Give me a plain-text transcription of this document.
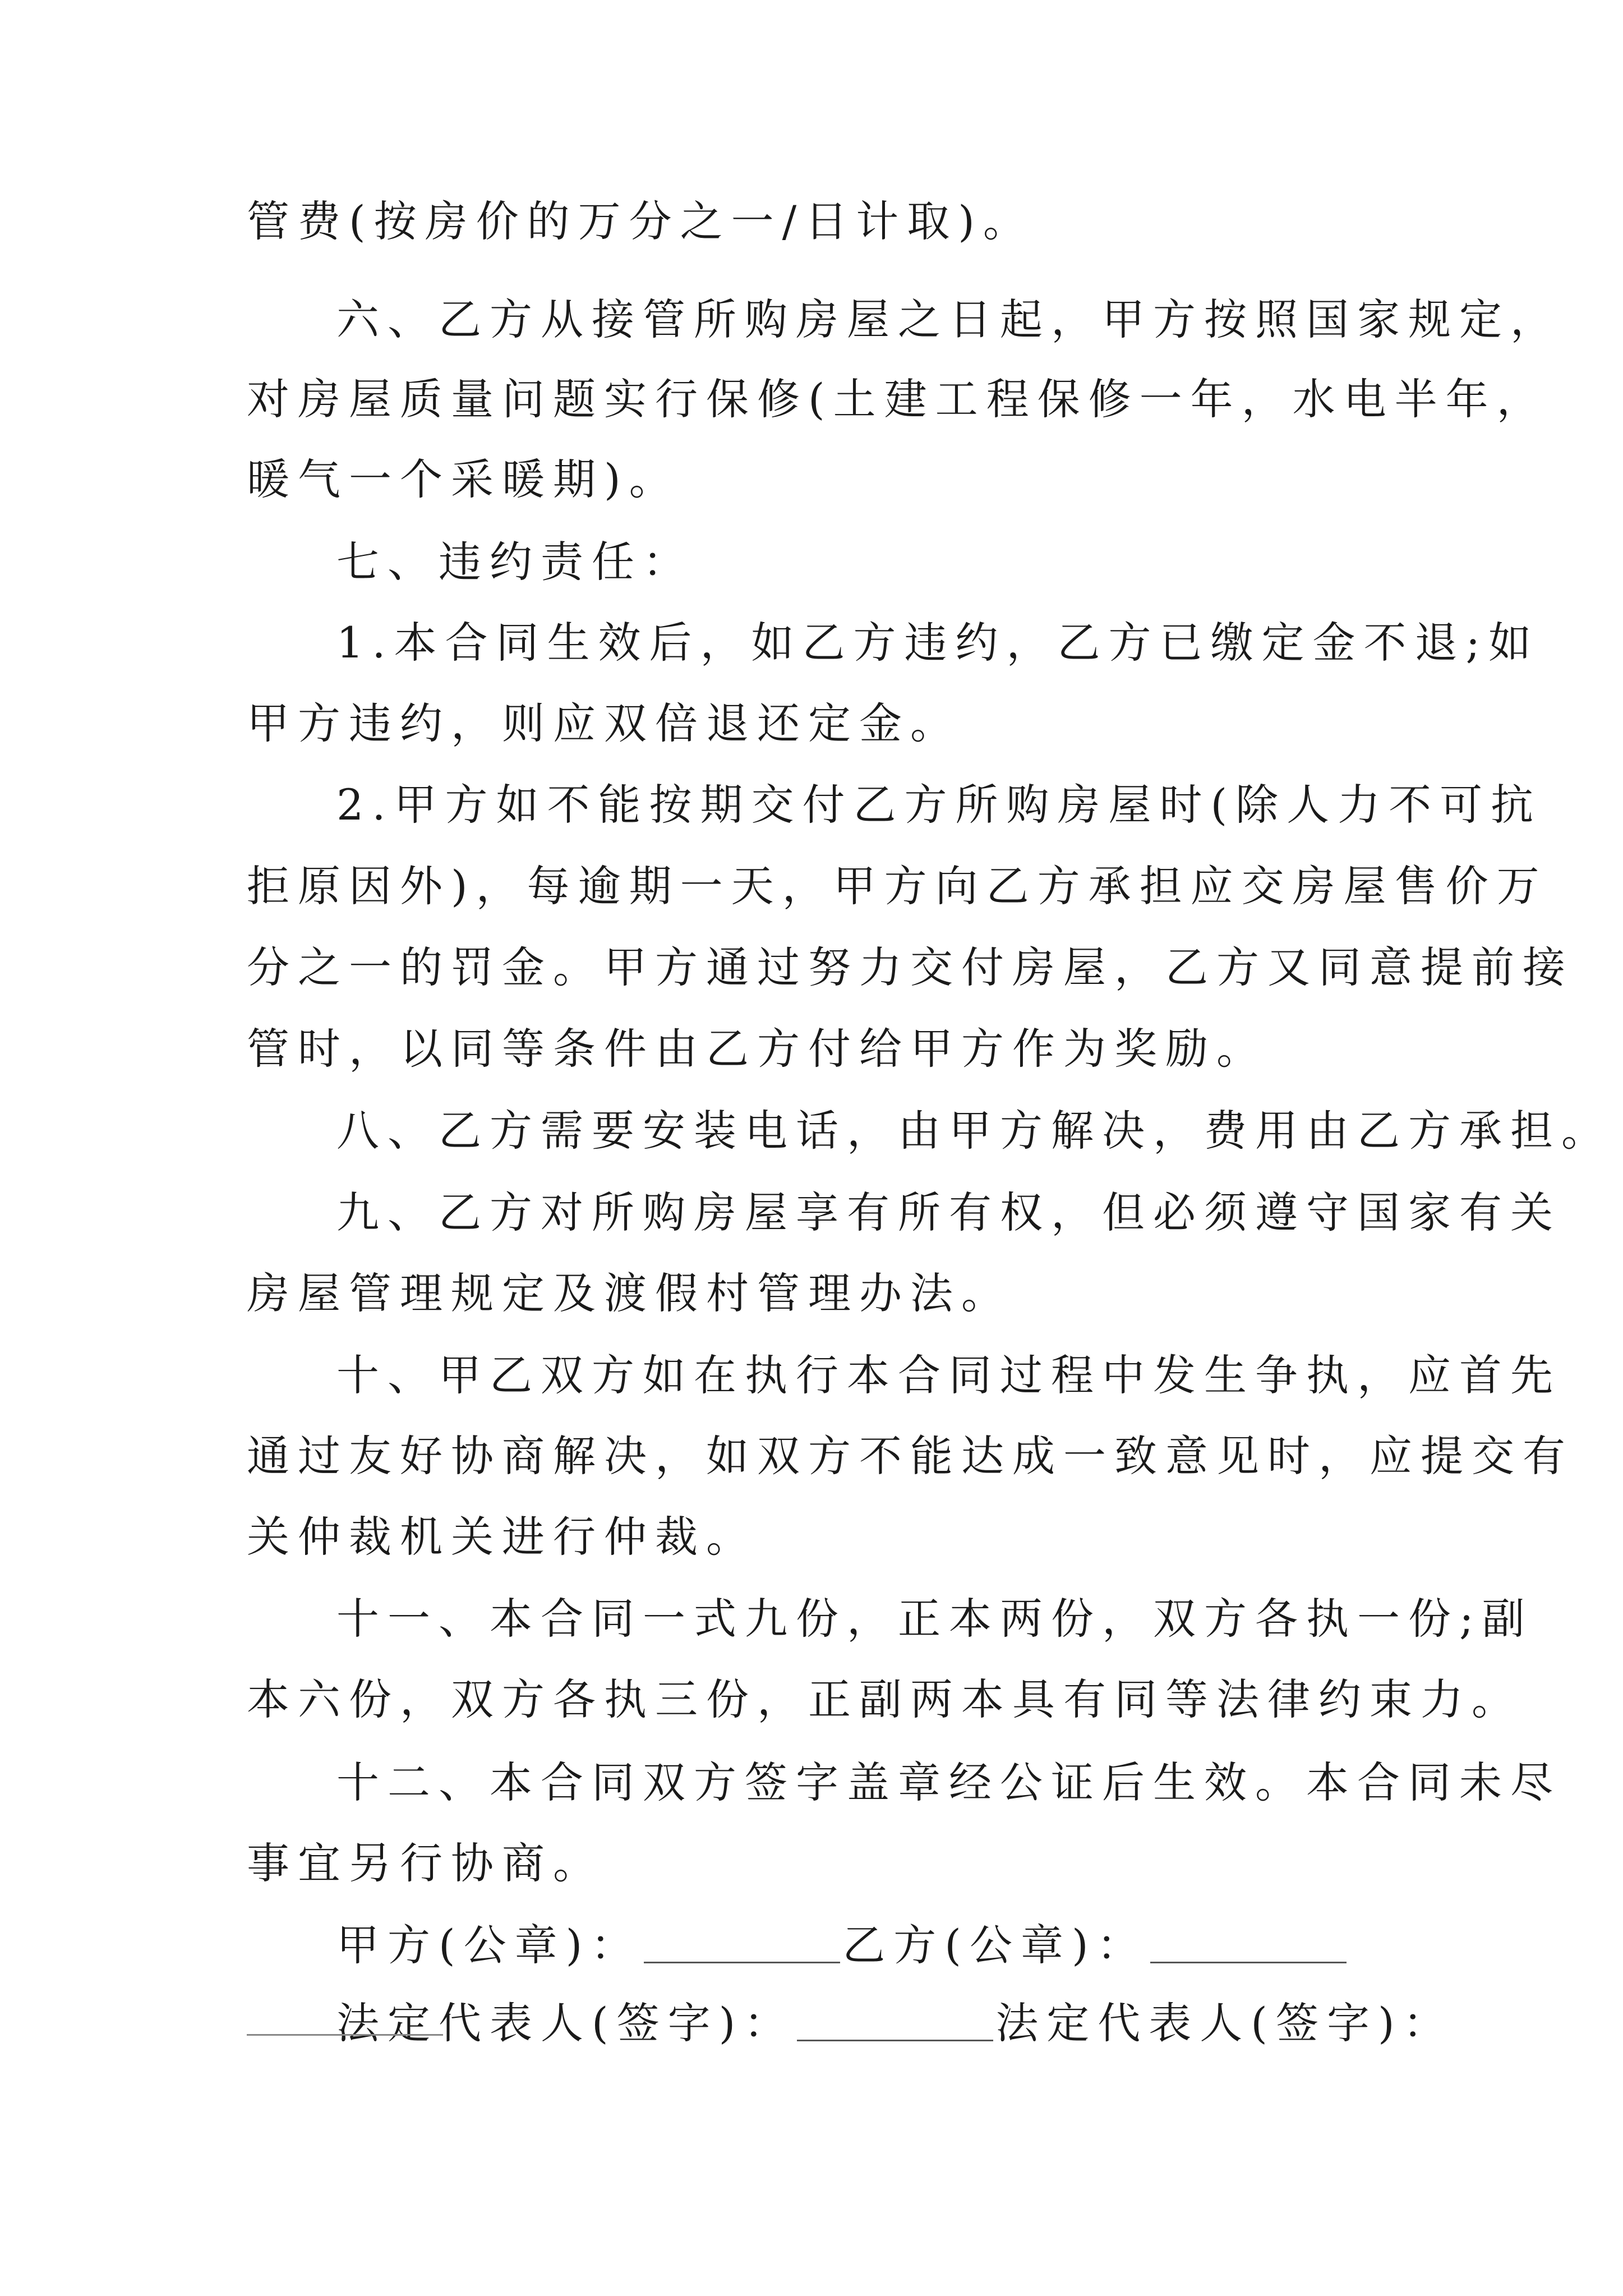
管费(按房价的万分之一/日计取)。
六、乙方从接管所购房屋之日起，甲方按照国家规定，
对房屋质量问题实行保修(土建工程保修一年，水电半年，
暖气一个采暖期)。
七、违约责任：
1.本合同生效后，如乙方违约，乙方已缴定金不退;如
甲方违约，则应双倍退还定金。
2.甲方如不能按期交付乙方所购房屋时(除人力不可抗
拒原因外)，每逾期一天，甲方向乙方承担应交房屋售价万
分之一的罚金。甲方通过努力交付房屋，乙方又同意提前接
管时，以同等条件由乙方付给甲方作为奖励。
八、乙方需要安装电话，由甲方解决，费用由乙方承担。
九、乙方对所购房屋享有所有权，但必须遵守国家有关
房屋管理规定及渡假村管理办法。
十、甲乙双方如在执行本合同过程中发生争执，应首先
通过友好协商解决，如双方不能达成一致意见时，应提交有
关仲裁机关进行仲裁。
十一、本合同一式九份，正本两份，双方各执一份;副
本六份，双方各执三份，正副两本具有同等法律约束力。
十二、本合同双方签字盖章经公证后生效。本合同未尽
事宜另行协商。
甲方(公章)：	乙方(公章)：
法定代表人(签字)：	法定代表人(签字)：
